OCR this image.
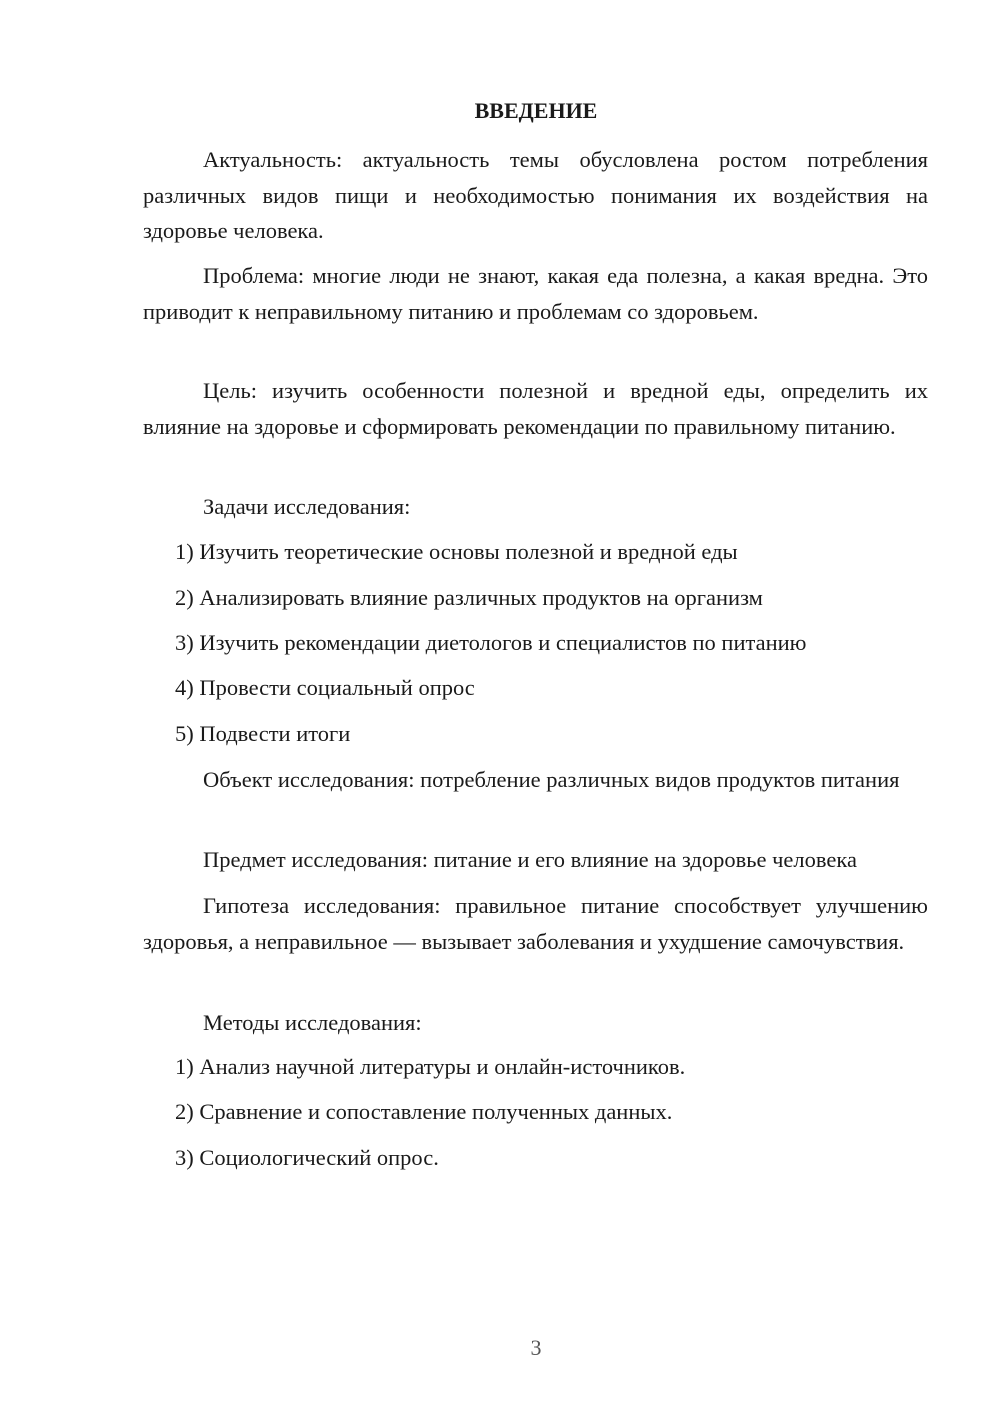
ВВЕДЕНИЕ

Актуальность: актуальность темы обусловлена ростом потребления различных видов пищи и необходимостью понимания их воздействия на здоровье человека.

Проблема: многие люди не знают, какая еда полезна, а какая вредна. Это приводит к неправильному питанию и проблемам со здоровьем.

Цель: изучить особенности полезной и вредной еды, определить их влияние на здоровье и сформировать рекомендации по правильному питанию.

Задачи исследования:

1) Изучить теоретические основы полезной и вредной еды

2) Анализировать влияние различных продуктов на организм

3) Изучить рекомендации диетологов и специалистов по питанию

4) Провести социальный опрос

5) Подвести итоги

Объект исследования: потребление различных видов продуктов питания

Предмет исследования: питание и его влияние на здоровье человека

Гипотеза исследования: правильное питание способствует улучшению здоровья, а неправильное — вызывает заболевания и ухудшение самочувствия.

Методы исследования:

1) Анализ научной литературы и онлайн-источников.

2) Сравнение и сопоставление полученных данных.

3) Социологический опрос.

3
